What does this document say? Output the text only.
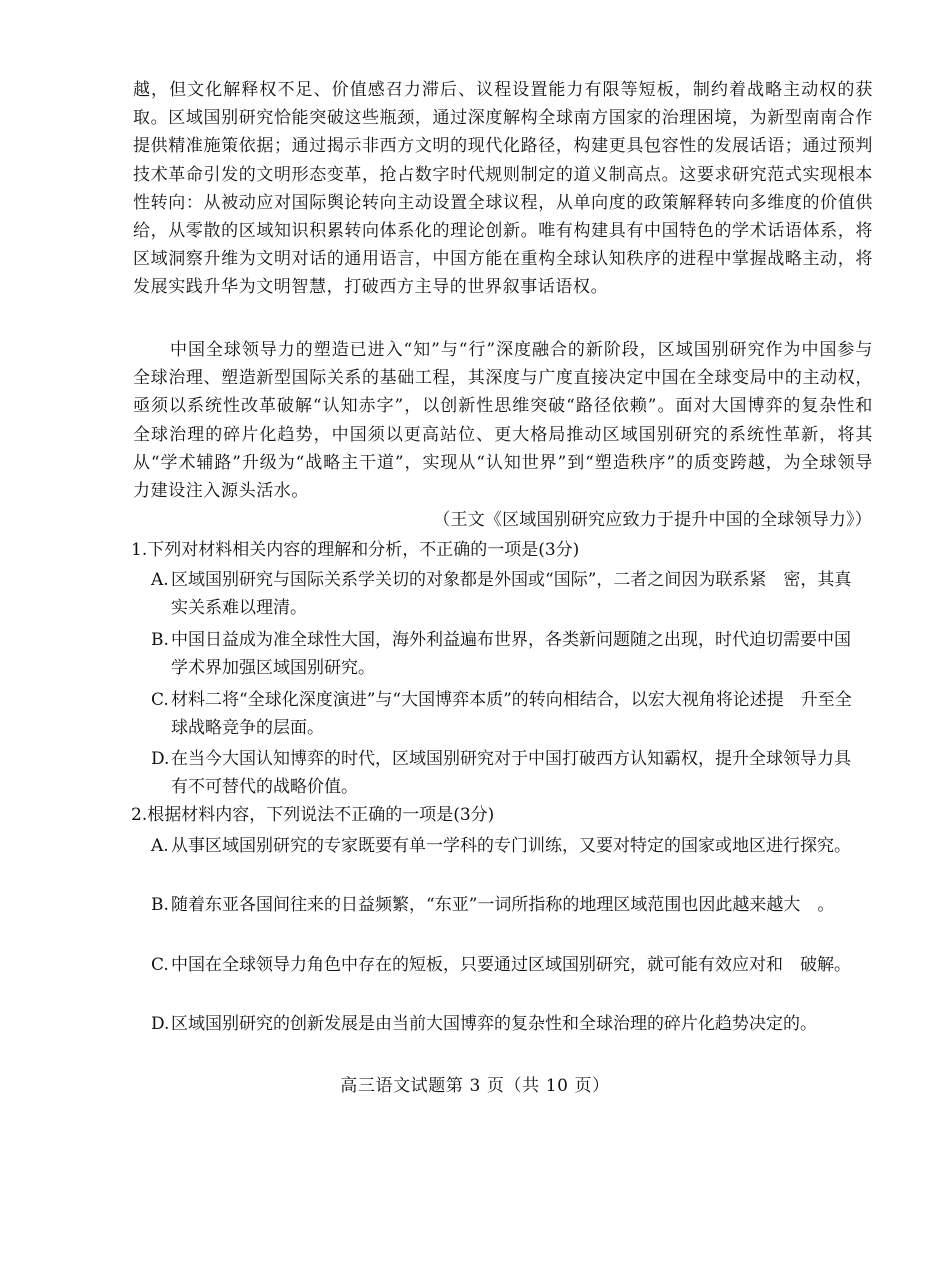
越，但文化解释权不足、价值感召力滞后、议程设置能力有限等短板，制约着战略主动权的获取。区域国别研究恰能突破这些瓶颈，通过深度解构全球南方国家的治理困境，为新型南南合作提供精准施策依据；通过揭示非西方文明的现代化路径，构建更具包容性的发展话语；通过预判技术革命引发的文明形态变革，抢占数字时代规则制定的道义制高点。这要求研究范式实现根本性转向：从被动应对国际舆论转向主动设置全球议程，从单向度的政策解释转向多维度的价值供给，从零散的区域知识积累转向体系化的理论创新。唯有构建具有中国特色的学术话语体系，将区域洞察升维为文明对话的通用语言，中国方能在重构全球认知秩序的进程中掌握战略主动，将发展实践升华为文明智慧，打破西方主导的世界叙事话语权。

中国全球领导力的塑造已进入“知”与“行”深度融合的新阶段，区域国别研究作为中国参与全球治理、塑造新型国际关系的基础工程，其深度与广度直接决定中国在全球变局中的主动权，亟须以系统性改革破解“认知赤字”，以创新性思维突破“路径依赖”。面对大国博弈的复杂性和全球治理的碎片化趋势，中国须以更高站位、更大格局推动区域国别研究的系统性革新，将其从“学术辅路”升级为“战略主干道”，实现从“认知世界”到“塑造秩序”的质变跨越，为全球领导力建设注入源头活水。

（王文《区域国别研究应致力于提升中国的全球领导力》）
1.下列对材料相关内容的理解和分析，不正确的一项是(3分)
A. 区域国别研究与国际关系学关切的对象都是外国或“国际”，二者之间因为联系紧　密，其真实关系难以理清。
B. 中国日益成为准全球性大国，海外利益遍布世界，各类新问题随之出现，时代迫切需要中国学术界加强区域国别研究。
C. 材料二将“全球化深度演进”与“大国博弈本质”的转向相结合，以宏大视角将论述提　升至全球战略竞争的层面。
D.在当今大国认知博弈的时代，区域国别研究对于中国打破西方认知霸权，提升全球领导力具有不可替代的战略价值。
2.根据材料内容，下列说法不正确的一项是(3分)
A. 从事区域国别研究的专家既要有单一学科的专门训练，又要对特定的国家或地区进行探究。
B. 随着东亚各国间往来的日益频繁，“东亚”一词所指称的地理区域范围也因此越来越大　。
C. 中国在全球领导力角色中存在的短板，只要通过区域国别研究，就可能有效应对和　破解。
D.区域国别研究的创新发展是由当前大国博弈的复杂性和全球治理的碎片化趋势决定的。
高三语文试题第 3 页（共 10 页）
